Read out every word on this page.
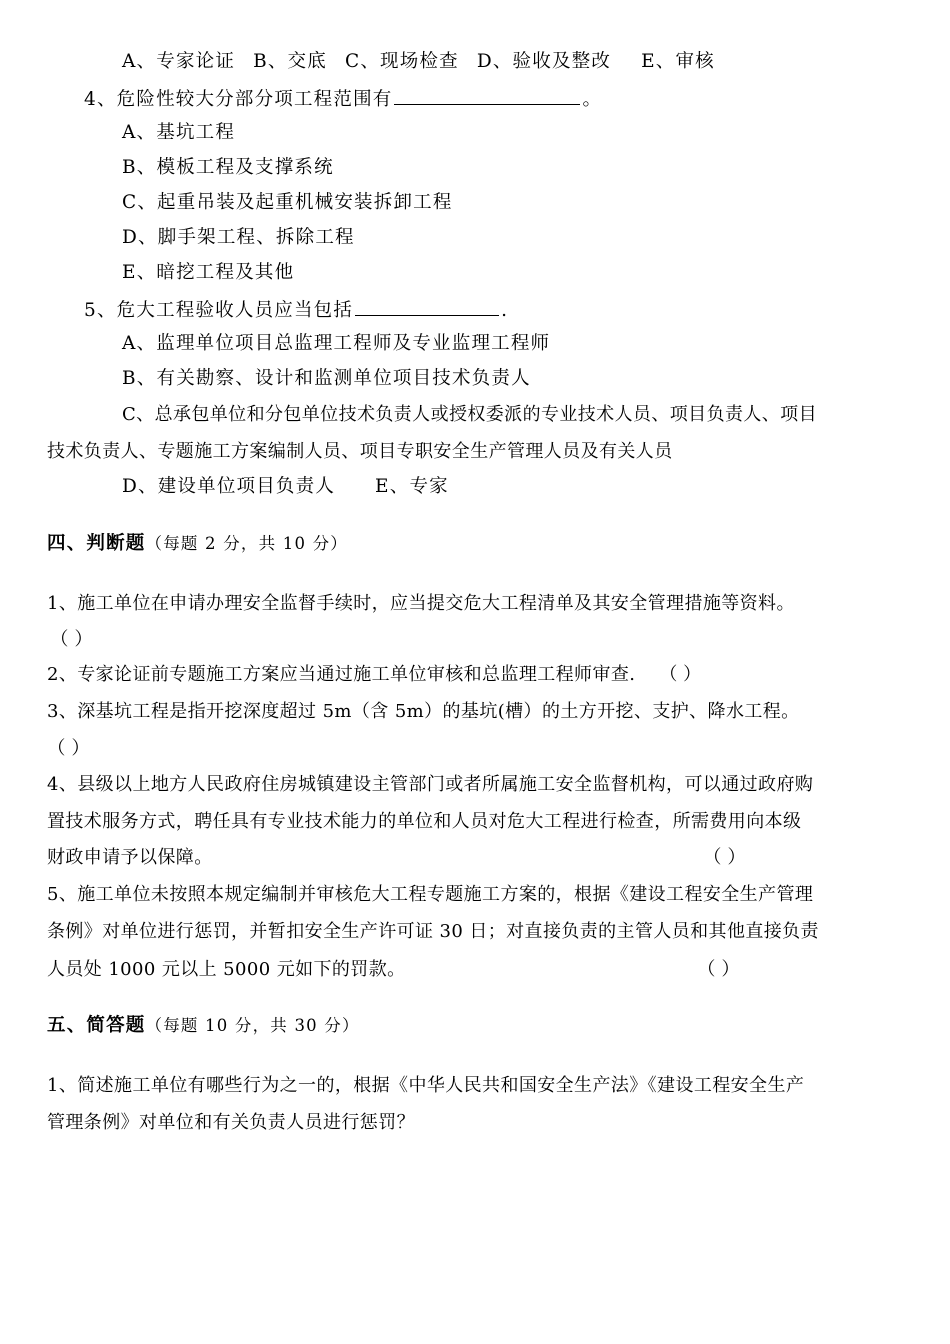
A、专家论证 B、交底 C、现场检查 D、验收及整改 E、审核
4、危险性较大分部分项工程范围有	。
A、基坑工程
B、模板工程及支撑系统
C、起重吊装及起重机械安装拆卸工程
D、脚手架工程、拆除工程
E、暗挖工程及其他
5、危大工程验收人员应当包括	.
A、监理单位项目总监理工程师及专业监理工程师
B、有关勘察、设计和监测单位项目技术负责人
C、总承包单位和分包单位技术负责人或授权委派的专业技术人员、项目负责人、项目
技术负责人、专题施工方案编制人员、项目专职安全生产管理人员及有关人员
D、建设单位项目负责人 E、专家
四、判断题（每题 2 分，共 10 分）
1、施工单位在申请办理安全监督手续时，应当提交危大工程清单及其安全管理措施等资料。
（ ）
2、专家论证前专题施工方案应当通过施工单位审核和总监理工程师审查. （ ）
3、深基坑工程是指开挖深度超过 5m（含 5m）的基坑(槽）的土方开挖、支护、降水工程。
（ ）
4、县级以上地方人民政府住房城镇建设主管部门或者所属施工安全监督机构，可以通过政府购
置技术服务方式，聘任具有专业技术能力的单位和人员对危大工程进行检查，所需费用向本级
财政申请予以保障。	（ ）
5、施工单位未按照本规定编制并审核危大工程专题施工方案的，根据《建设工程安全生产管理
条例》对单位进行惩罚，并暂扣安全生产许可证 30 日；对直接负责的主管人员和其他直接负责
人员处 1000 元以上 5000 元如下的罚款。	（ ）
五、简答题（每题 10 分，共 30 分）
1、简述施工单位有哪些行为之一的，根据《中华人民共和国安全生产法》《建设工程安全生产
管理条例》对单位和有关负责人员进行惩罚？
